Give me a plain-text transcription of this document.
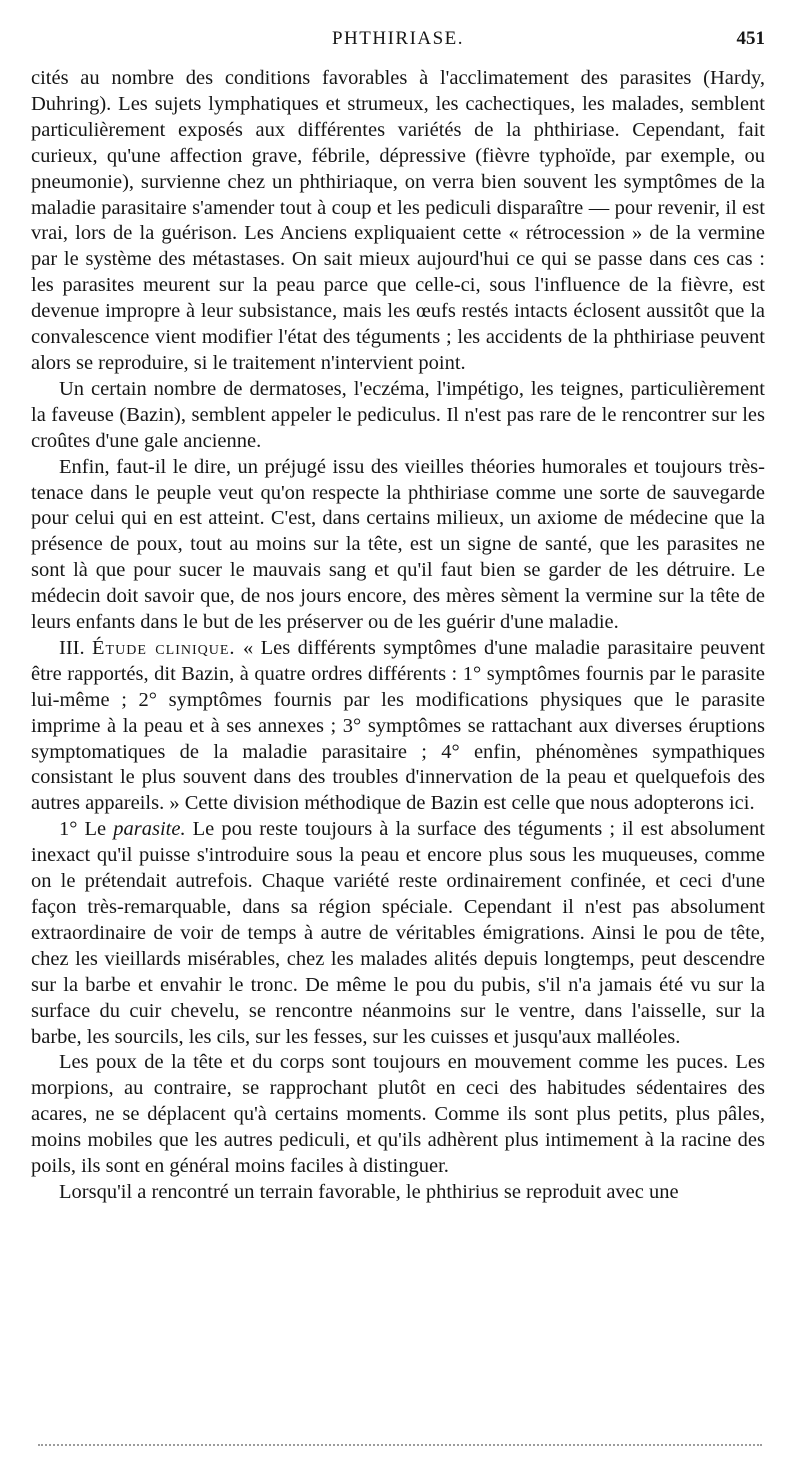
PHTHIRIASE.	451

cités au nombre des conditions favorables à l'acclimatement des parasites (Hardy, Duhring). Les sujets lymphatiques et strumeux, les cachectiques, les malades, semblent particulièrement exposés aux différentes variétés de la phthiriase. Cependant, fait curieux, qu'une affection grave, fébrile, dépressive (fièvre typhoïde, par exemple, ou pneumonie), survienne chez un phthiriaque, on verra bien souvent les symptômes de la maladie parasitaire s'amender tout à coup et les pediculi disparaître — pour revenir, il est vrai, lors de la guérison. Les Anciens expliquaient cette « rétrocession » de la vermine par le système des métastases. On sait mieux aujourd'hui ce qui se passe dans ces cas : les parasites meurent sur la peau parce que celle-ci, sous l'influence de la fièvre, est devenue impropre à leur subsistance, mais les œufs restés intacts éclosent aussitôt que la convalescence vient modifier l'état des téguments ; les accidents de la phthiriase peuvent alors se reproduire, si le traitement n'intervient point.

Un certain nombre de dermatoses, l'eczéma, l'impétigo, les teignes, particulièrement la faveuse (Bazin), semblent appeler le pediculus. Il n'est pas rare de le rencontrer sur les croûtes d'une gale ancienne.

Enfin, faut-il le dire, un préjugé issu des vieilles théories humorales et toujours très-tenace dans le peuple veut qu'on respecte la phthiriase comme une sorte de sauvegarde pour celui qui en est atteint. C'est, dans certains milieux, un axiome de médecine que la présence de poux, tout au moins sur la tête, est un signe de santé, que les parasites ne sont là que pour sucer le mauvais sang et qu'il faut bien se garder de les détruire. Le médecin doit savoir que, de nos jours encore, des mères sèment la vermine sur la tête de leurs enfants dans le but de les préserver ou de les guérir d'une maladie.

III. Étude clinique. « Les différents symptômes d'une maladie parasitaire peuvent être rapportés, dit Bazin, à quatre ordres différents : 1° symptômes fournis par le parasite lui-même ; 2° symptômes fournis par les modifications physiques que le parasite imprime à la peau et à ses annexes ; 3° symptômes se rattachant aux diverses éruptions symptomatiques de la maladie parasitaire ; 4° enfin, phénomènes sympathiques consistant le plus souvent dans des troubles d'innervation de la peau et quelquefois des autres appareils. » Cette division méthodique de Bazin est celle que nous adopterons ici.

1° Le parasite. Le pou reste toujours à la surface des téguments ; il est absolument inexact qu'il puisse s'introduire sous la peau et encore plus sous les muqueuses, comme on le prétendait autrefois. Chaque variété reste ordinairement confinée, et ceci d'une façon très-remarquable, dans sa région spéciale. Cependant il n'est pas absolument extraordinaire de voir de temps à autre de véritables émigrations. Ainsi le pou de tête, chez les vieillards misérables, chez les malades alités depuis longtemps, peut descendre sur la barbe et envahir le tronc. De même le pou du pubis, s'il n'a jamais été vu sur la surface du cuir chevelu, se rencontre néanmoins sur le ventre, dans l'aisselle, sur la barbe, les sourcils, les cils, sur les fesses, sur les cuisses et jusqu'aux malléoles.

Les poux de la tête et du corps sont toujours en mouvement comme les puces. Les morpions, au contraire, se rapprochant plutôt en ceci des habitudes sédentaires des acares, ne se déplacent qu'à certains moments. Comme ils sont plus petits, plus pâles, moins mobiles que les autres pediculi, et qu'ils adhèrent plus intimement à la racine des poils, ils sont en général moins faciles à distinguer.

Lorsqu'il a rencontré un terrain favorable, le phthirius se reproduit avec une
